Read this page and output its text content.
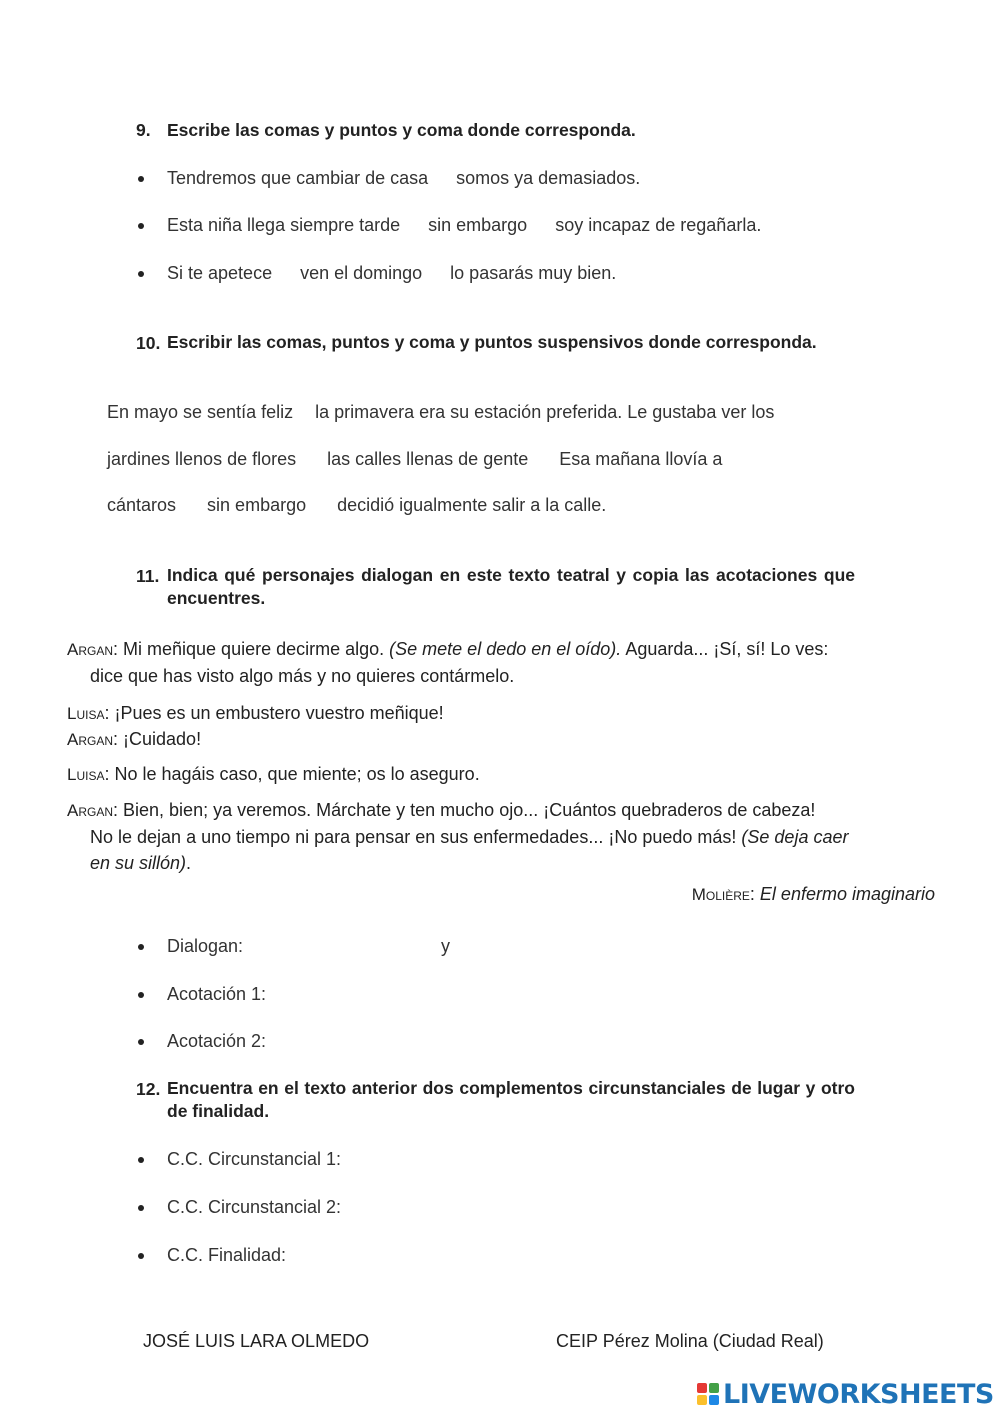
9. Escribe las comas y puntos y coma donde corresponda.
Tendremos que cambiar de casa somos ya demasiados.
Esta niña llega siempre tarde sin embargo soy incapaz de regañarla.
Si te apetece ven el domingo lo pasarás muy bien.
10. Escribir las comas, puntos y coma y puntos suspensivos donde corresponda.
En mayo se sentía feliz la primavera era su estación preferida. Le gustaba ver los
jardines llenos de flores las calles llenas de gente Esa mañana llovía a
cántaros sin embargo decidió igualmente salir a la calle.
11. Indica qué personajes dialogan en este texto teatral y copia las acotaciones que encuentres.
Argan: Mi meñique quiere decirme algo. (Se mete el dedo en el oído). Aguarda... ¡Sí, sí! Lo ves:
dice que has visto algo más y no quieres contármelo.
Luisa: ¡Pues es un embustero vuestro meñique!
Argan: ¡Cuidado!
Luisa: No le hagáis caso, que miente; os lo aseguro.
Argan: Bien, bien; ya veremos. Márchate y ten mucho ojo... ¡Cuántos quebraderos de cabeza!
No le dejan a uno tiempo ni para pensar en sus enfermedades... ¡No puedo más! (Se deja caer
en su sillón).
Molière: El enfermo imaginario
Dialogan:	y
Acotación 1:
Acotación 2:
12. Encuentra en el texto anterior dos complementos circunstanciales de lugar y otro de finalidad.
C.C. Circunstancial 1:
C.C. Circunstancial 2:
C.C. Finalidad:
JOSÉ LUIS LARA OLMEDO	CEIP Pérez Molina (Ciudad Real)
LIVEWORKSHEETS
